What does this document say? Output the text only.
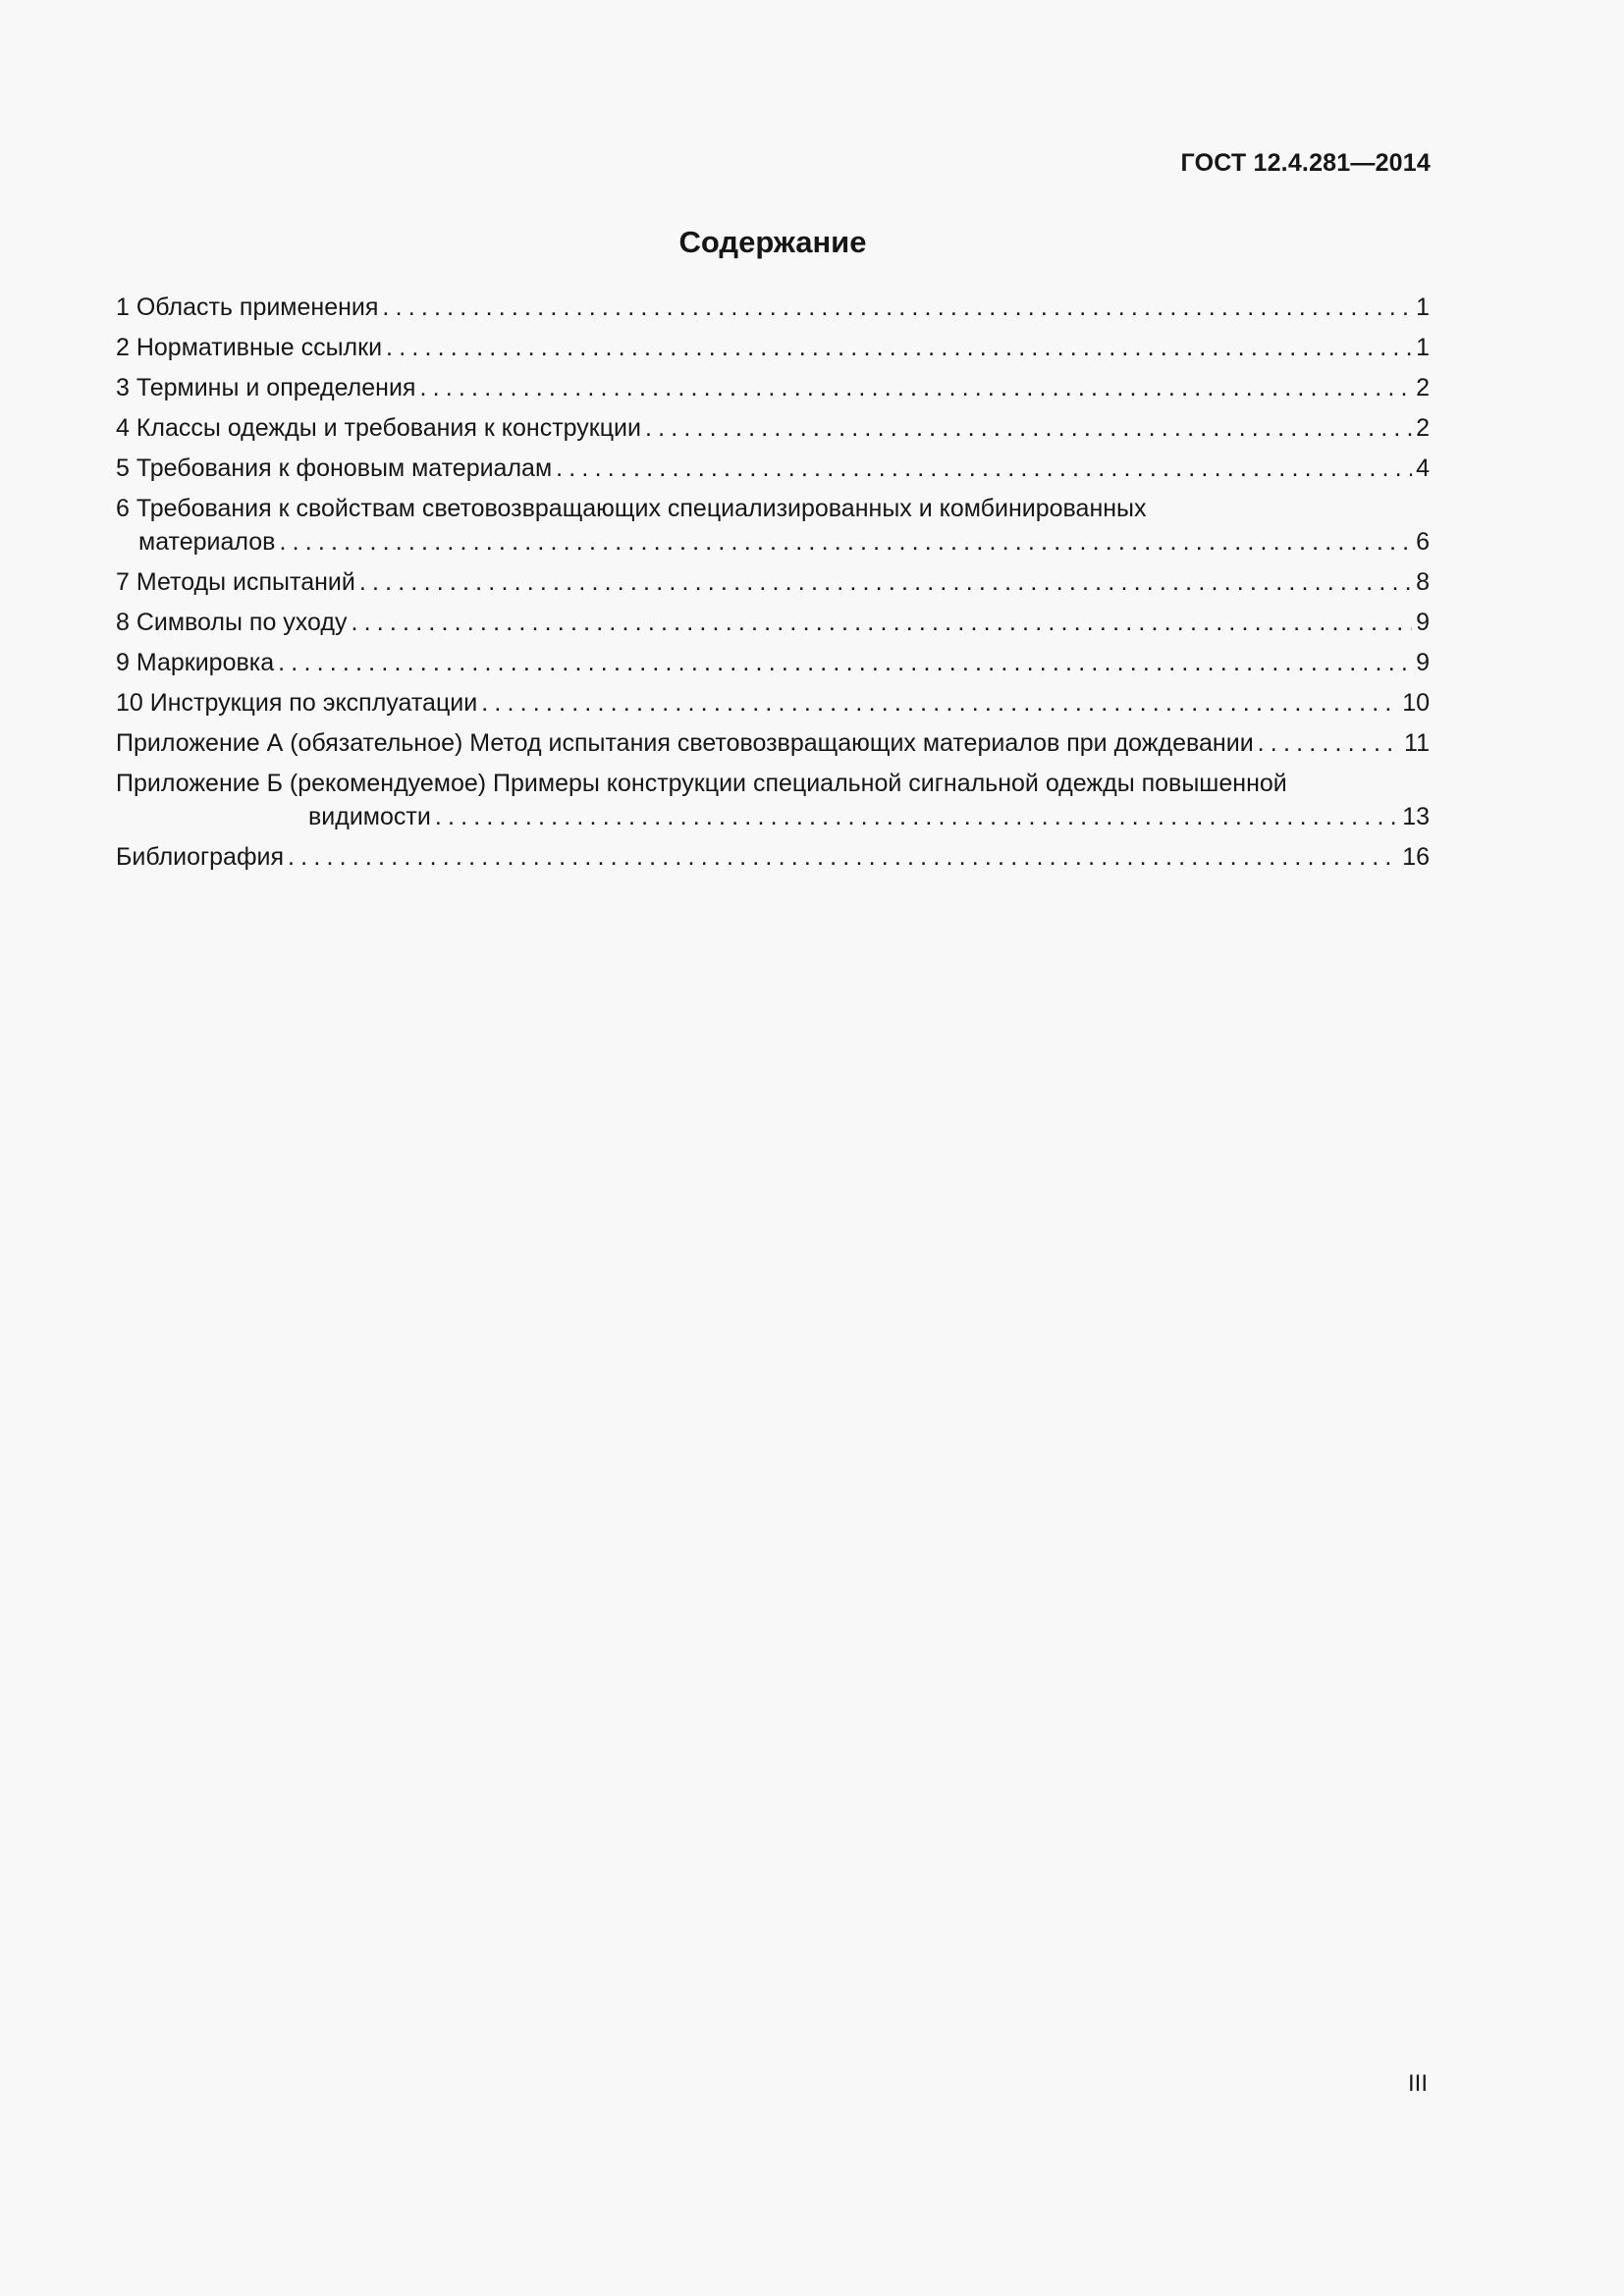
ГОСТ 12.4.281—2014
Содержание
1 Область применения .....	1
2 Нормативные ссылки .....	1
3 Термины и определения .....	2
4 Классы одежды и требования к конструкции .....	2
5 Требования к фоновым материалам .....	4
6 Требования к свойствам световозвращающих специализированных и комбинированных
материалов .....	6
7 Методы испытаний .....	8
8 Символы по уходу .....	9
9 Маркировка .....	9
10 Инструкция по эксплуатации .....	10
Приложение А (обязательное) Метод испытания световозвращающих материалов при дождевании .....	11
Приложение Б (рекомендуемое) Примеры конструкции специальной сигнальной одежды повышенной
видимости .....	13
Библиография .....	16
III
